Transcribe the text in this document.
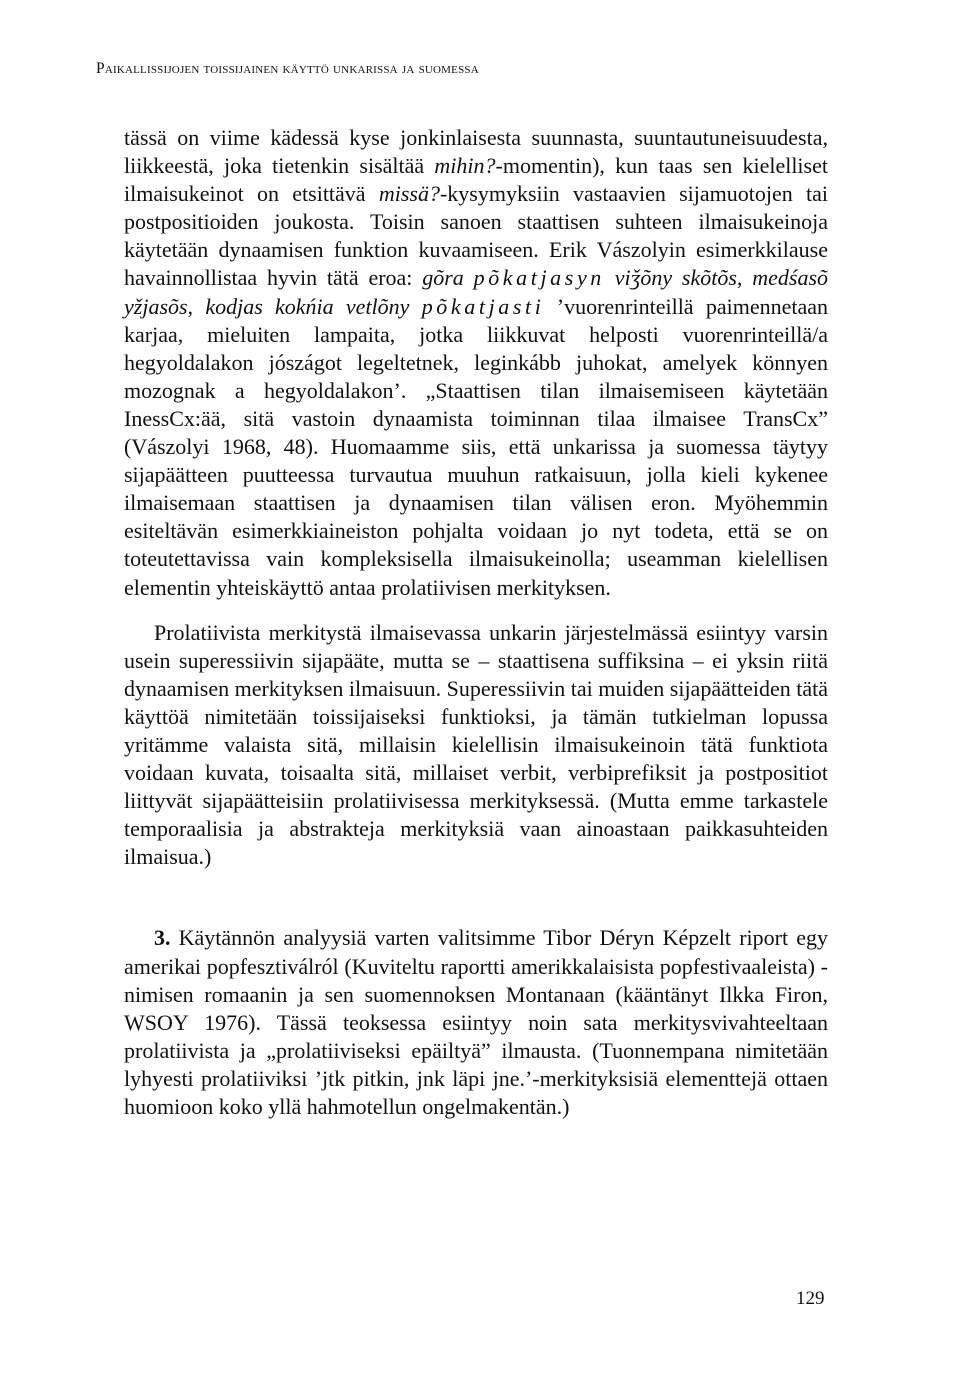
Paikallissijojen toissijainen käyttö unkarissa ja suomessa

tässä on viime kädessä kyse jonkinlaisesta suunnasta, suuntautuneisuudesta, liikkeestä, joka tietenkin sisältää mihin?-momentin), kun taas sen kielelliset ilmaisukeinot on etsittävä missä?-kysymyksiin vastaavien sijamuotojen tai postpositioiden joukosta. Toisin sanoen staattisen suhteen ilmaisukeinoja käytetään dynaamisen funktion kuvaamiseen. Erik Vászolyin esimerkkilause havainnollistaa hyvin tätä eroa: gõra põkatjasyn viǯõny skõtõs, medśasõ yžjasõs, kodjas kokńia vetlõny põkatjasti ’vuorenrinteillä paimennetaan karjaa, mieluiten lampaita, jotka liikkuvat helposti vuorenrinteillä/a hegyoldalakon jószágot legeltetnek, leginkább juhokat, amelyek könnyen mozognak a hegyoldalakon’. „Staattisen tilan ilmaisemiseen käytetään InessCx:ää, sitä vastoin dynaamista toiminnan tilaa ilmaisee TransCx” (Vászolyi 1968, 48). Huomaamme siis, että unkarissa ja suomessa täytyy sijapäätteen puutteessa turvautua muuhun ratkaisuun, jolla kieli kykenee ilmaisemaan staattisen ja dynaamisen tilan välisen eron. Myöhemmin esiteltävän esimerkkiaineiston pohjalta voidaan jo nyt todeta, että se on toteutettavissa vain kompleksisella ilmaisukeinolla; useamman kielellisen elementin yhteiskäyttö antaa prolatiivisen merkityksen.

Prolatiivista merkitystä ilmaisevassa unkarin järjestelmässä esiintyy varsin usein superessiivin sijapääte, mutta se – staattisena suffiksina – ei yksin riitä dynaamisen merkityksen ilmaisuun. Superessiivin tai muiden sijapäätteiden tätä käyttöä nimitetään toissijaiseksi funktioksi, ja tämän tutkielman lopussa yritämme valaista sitä, millaisin kielellisin ilmaisukeinoin tätä funktiota voidaan kuvata, toisaalta sitä, millaiset verbit, verbiprefiksit ja postpositiot liittyvät sijapäätteisiin prolatiivisessa merkityksessä. (Mutta emme tarkastele temporaalisia ja abstrakteja merkityksiä vaan ainoastaan paikkasuhteiden ilmaisua.)

3. Käytännön analyysiä varten valitsimme Tibor Déryn Képzelt riport egy amerikai popfesztiválról (Kuviteltu raportti amerikkalaisista popfestivaaleista) -nimisen romaanin ja sen suomennoksen Montanaan (kääntänyt Ilkka Firon, WSOY 1976). Tässä teoksessa esiintyy noin sata merkitysvivahteeltaan prolatiivista ja „prolatiiviseksi epäiltyä” ilmausta. (Tuonnempana nimitetään lyhyesti prolatiiviksi ’jtk pitkin, jnk läpi jne.’-merkityksisiä elementtejä ottaen huomioon koko yllä hahmotellun ongelmakentän.)

129
